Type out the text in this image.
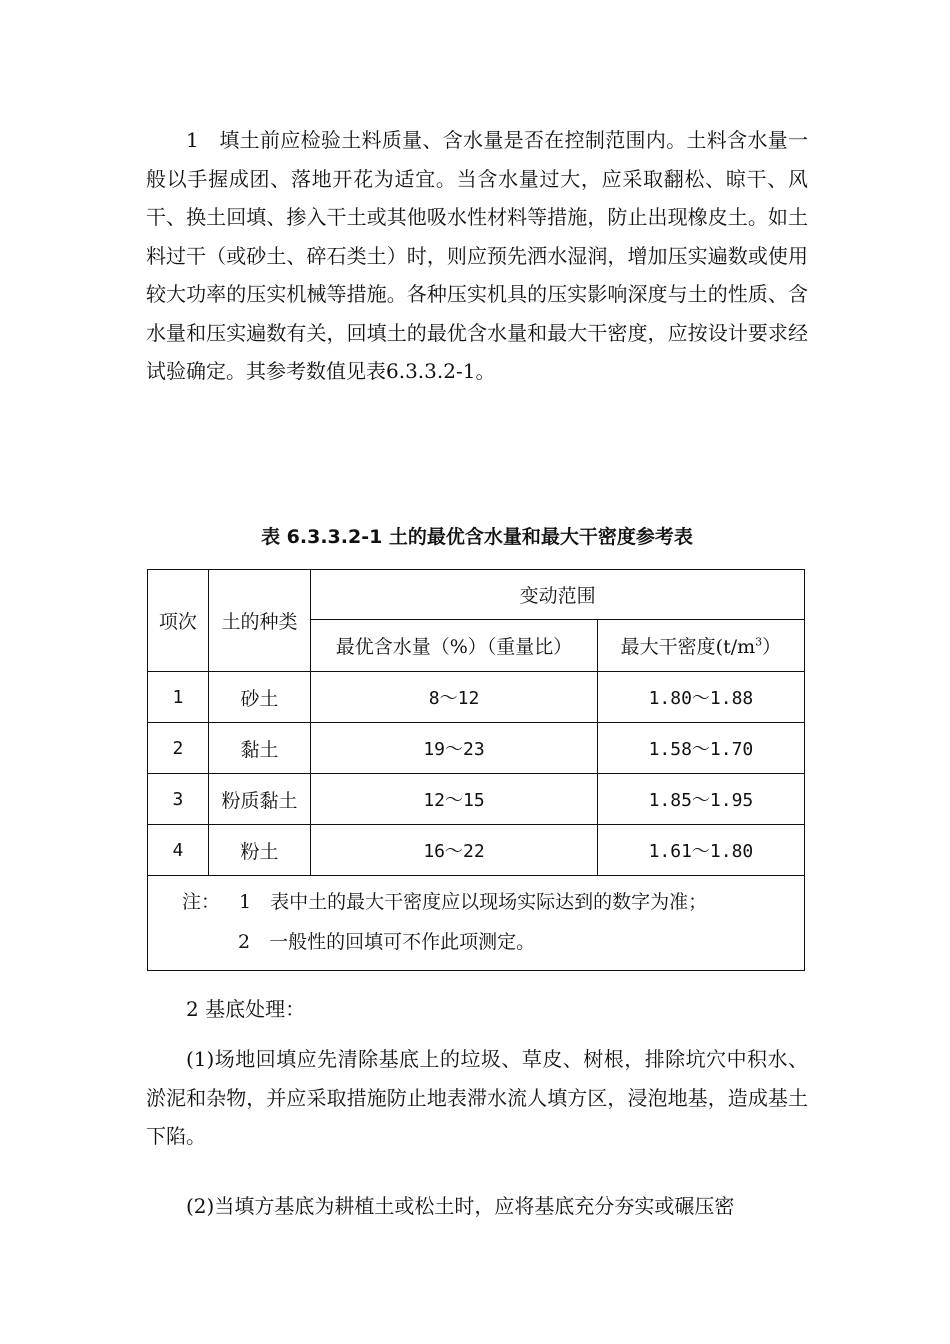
1　填土前应检验土料质量、含水量是否在控制范围内。土料含水量一般以手握成团、落地开花为适宜。当含水量过大，应采取翻松、晾干、风干、换土回填、掺入干土或其他吸水性材料等措施，防止出现橡皮土。如土料过干（或砂土、碎石类土）时，则应预先洒水湿润，增加压实遍数或使用较大功率的压实机械等措施。各种压实机具的压实影响深度与土的性质、含水量和压实遍数有关，回填土的最优含水量和最大干密度，应按设计要求经试验确定。其参考数值见表6.3.3.2-1。

表 6.3.3.2-1 土的最优含水量和最大干密度参考表
项次	土的种类	变动范围	
		最优含水量（%）（重量比）	最大干密度$(t/m^3)$
1	砂土	8～12	1.80～1.88
2	黏土	19～23	1.58～1.70
3	粉质黏土	12～15	1.85～1.95
4	粉土	16～22	1.61～1.80

注：  1　表中土的最大干密度应以现场实际达到的数字为准；
2　一般性的回填可不作此项测定。			

2 基底处理：

(1)场地回填应先清除基底上的垃圾、草皮、树根，排除坑穴中积水、淤泥和杂物，并应采取措施防止地表滞水流人填方区，浸泡地基，造成基土下陷。

(2)当填方基底为耕植土或松土时，应将基底充分夯实或碾压密
